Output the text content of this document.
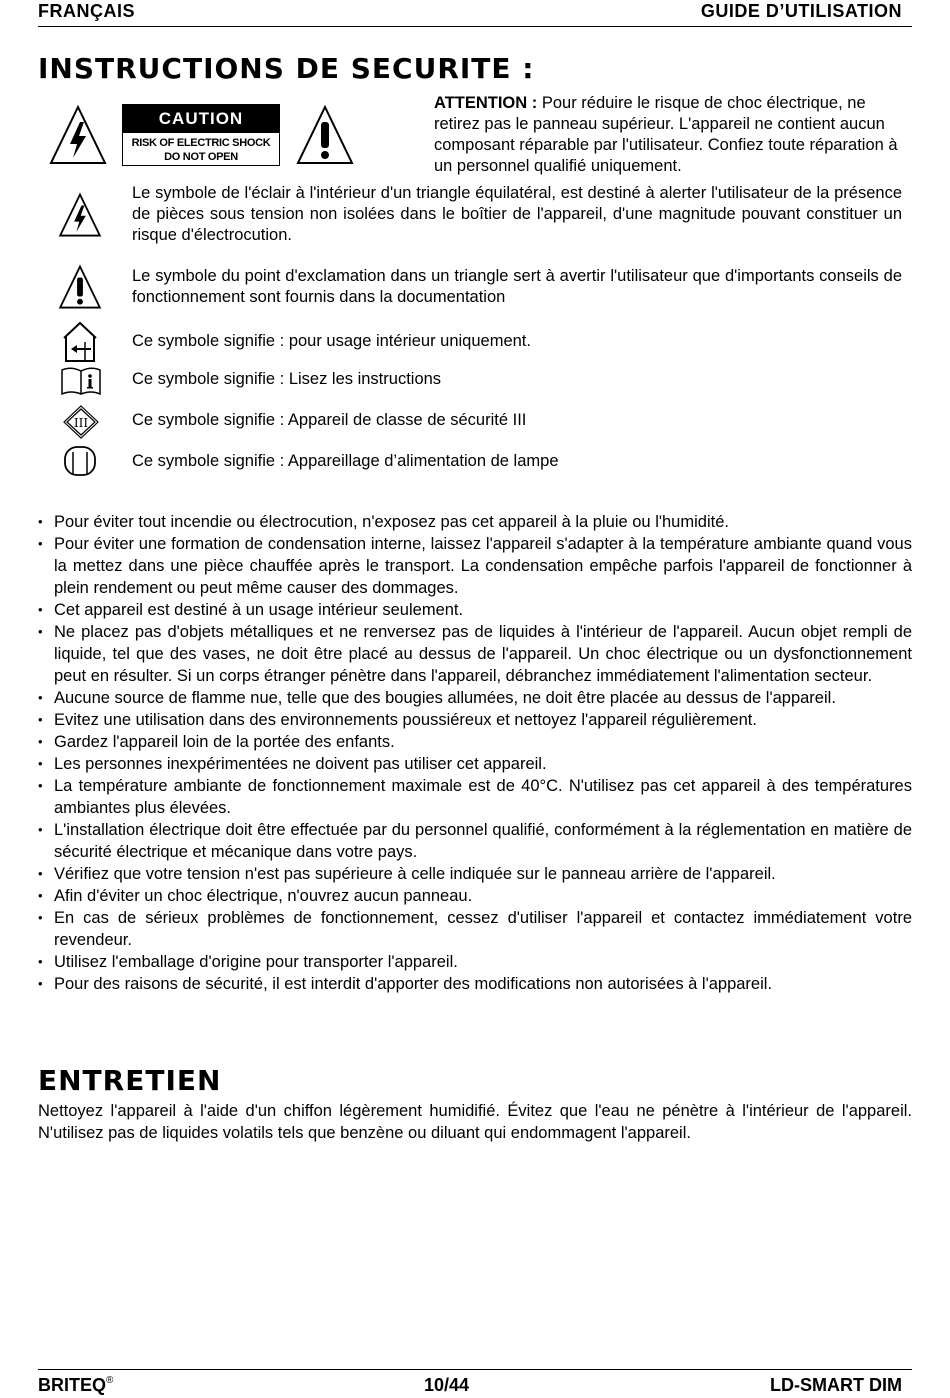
FRANÇAIS	GUIDE D’UTILISATION
INSTRUCTIONS DE SECURITE :
CAUTION
RISK OF ELECTRIC SHOCK
DO NOT OPEN
ATTENTION : Pour réduire le risque de choc électrique, ne retirez pas le panneau supérieur. L'appareil ne contient aucun composant réparable par l'utilisateur. Confiez toute réparation à un personnel qualifié uniquement.
Le symbole de l'éclair à l'intérieur d'un triangle équilatéral, est destiné à alerter l'utilisateur de la présence de pièces sous tension non isolées dans le boîtier de l'appareil, d'une magnitude pouvant constituer un risque d'électrocution.
Le symbole du point d'exclamation dans un triangle sert à avertir l'utilisateur que d'importants conseils de fonctionnement sont fournis dans la documentation
Ce symbole signifie : pour usage intérieur uniquement.
Ce symbole signifie : Lisez les instructions
III	Ce symbole signifie : Appareil de classe de sécurité III
Ce symbole signifie : Appareillage d’alimentation de lampe
• Pour éviter tout incendie ou électrocution, n'exposez pas cet appareil à la pluie ou l'humidité.
• Pour éviter une formation de condensation interne, laissez l'appareil s'adapter à la température ambiante quand vous la mettez dans une pièce chauffée après le transport. La condensation empêche parfois l'appareil de fonctionner à plein rendement ou peut même causer des dommages.
• Cet appareil est destiné à un usage intérieur seulement.
• Ne placez pas d'objets métalliques et ne renversez pas de liquides à l'intérieur de l'appareil. Aucun objet rempli de liquide, tel que des vases, ne doit être placé au dessus de l'appareil. Un choc électrique ou un dysfonctionnement peut en résulter. Si un corps étranger pénètre dans l'appareil, débranchez immédiatement l'alimentation secteur.
• Aucune source de flamme nue, telle que des bougies allumées, ne doit être placée au dessus de l'appareil.
• Evitez une utilisation dans des environnements poussiéreux et nettoyez l'appareil régulièrement.
• Gardez l'appareil loin de la portée des enfants.
• Les personnes inexpérimentées ne doivent pas utiliser cet appareil.
• La température ambiante de fonctionnement maximale est de 40°C. N'utilisez pas cet appareil à des températures ambiantes plus élevées.
• L'installation électrique doit être effectuée par du personnel qualifié, conformément à la réglementation en matière de sécurité électrique et mécanique dans votre pays.
• Vérifiez que votre tension n'est pas supérieure à celle indiquée sur le panneau arrière de l'appareil.
• Afin d'éviter un choc électrique, n'ouvrez aucun panneau.
• En cas de sérieux problèmes de fonctionnement, cessez d'utiliser l'appareil et contactez immédiatement votre revendeur.
• Utilisez l'emballage d'origine pour transporter l'appareil.
• Pour des raisons de sécurité, il est interdit d'apporter des modifications non autorisées à l'appareil.
ENTRETIEN
Nettoyez l'appareil à l'aide d'un chiffon légèrement humidifié. Évitez que l'eau ne pénètre à l'intérieur de l'appareil. N'utilisez pas de liquides volatils tels que benzène ou diluant qui endommagent l'appareil.
BRITEQ®	10/44	LD-SMART DIM
